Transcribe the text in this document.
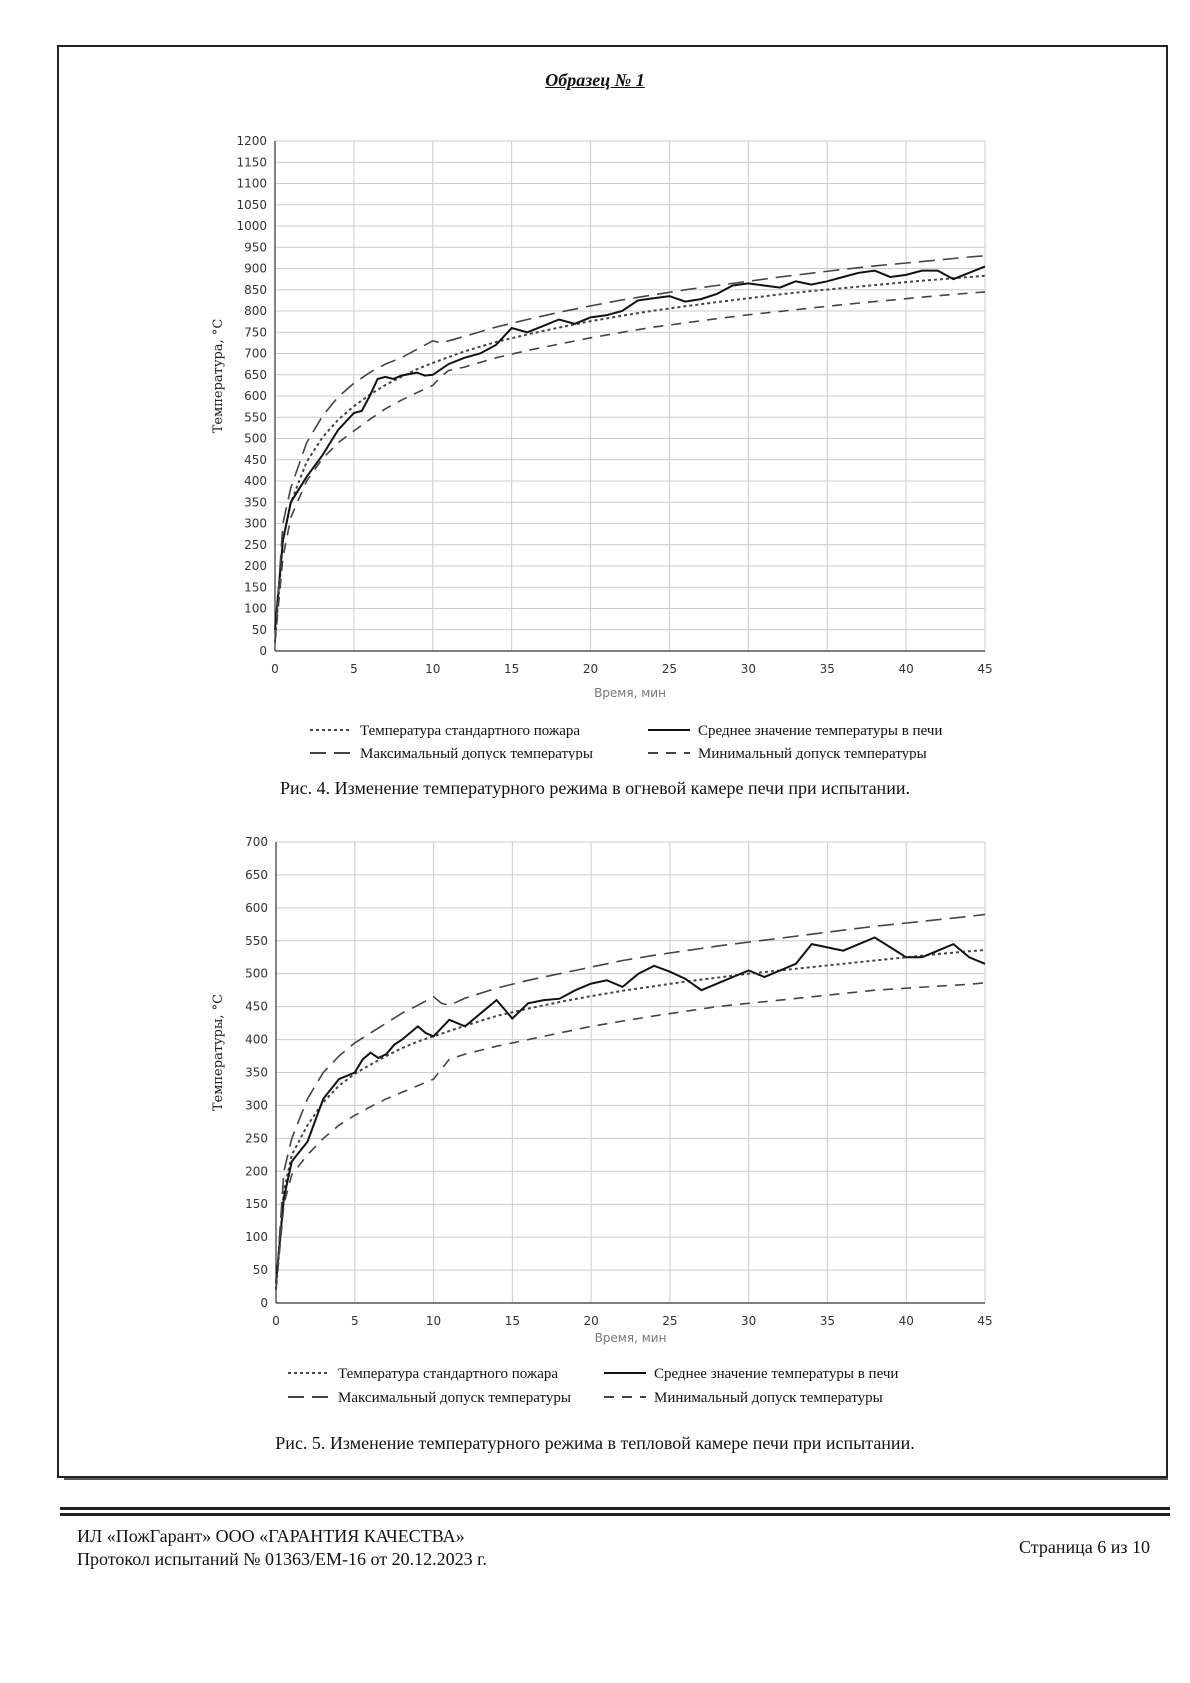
Образец № 1
0
50
100
150
200
250
300
350
400
450
500
550
600
650
700
750
800
850
900
950
1000
1050
1100
1150
1200
0	5	10	15	20	25	30	35	40	45
Время, мин
Температура, °С
Температура стандартного пожара	Среднее значение температуры в печи
Максимальный допуск температуры	Минимальный допуск температуры
Рис. 4. Изменение температурного режима в огневой камере печи при испытании.
0
50
100
150
200
250
300
350
400
450
500
550
600
650
700
0	5	10	15	20	25	30	35	40	45
Время, мин
Температуры, °С
Температура стандартного пожара	Среднее значение температуры в печи
Максимальный допуск температуры	Минимальный допуск температуры
Рис. 5. Изменение температурного режима в тепловой камере печи при испытании.
ИЛ «ПожГарант» ООО «ГАРАНТИЯ КАЧЕСТВА»
Протокол испытаний № 01363/ЕМ-16 от 20.12.2023 г.
Страница 6 из 10
